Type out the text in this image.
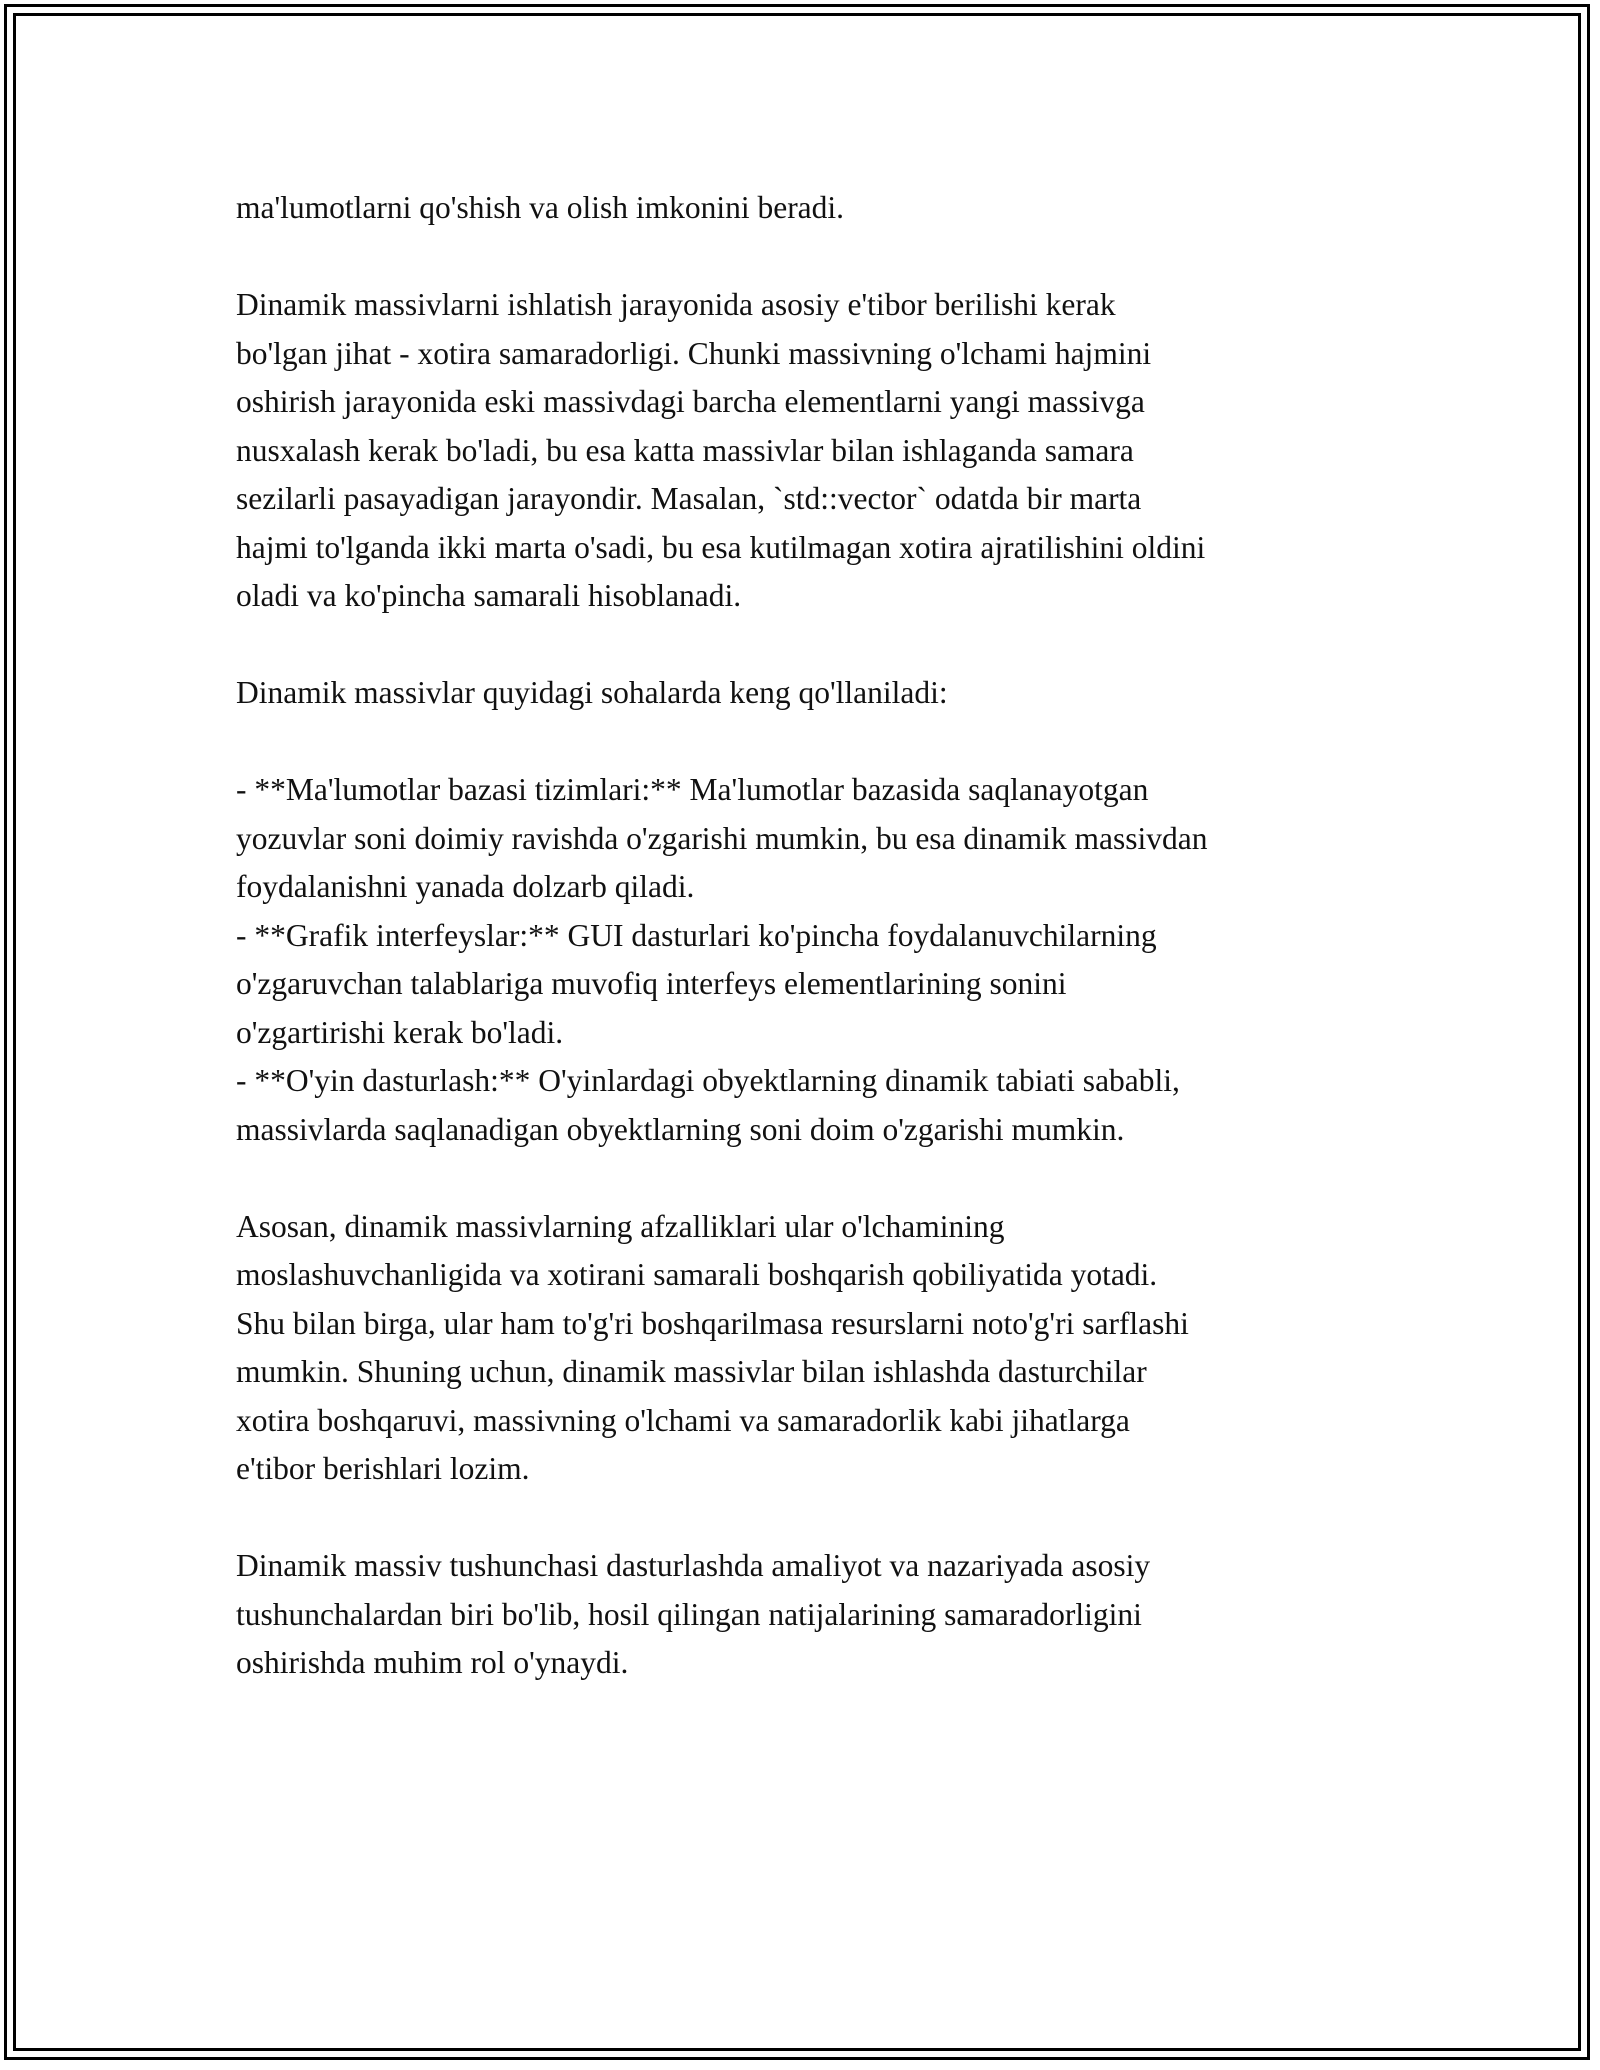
ma'lumotlarni qo'shish va olish imkonini beradi.

Dinamik massivlarni ishlatish jarayonida asosiy e'tibor berilishi kerak
bo'lgan jihat - xotira samaradorligi. Chunki massivning o'lchami hajmini
oshirish jarayonida eski massivdagi barcha elementlarni yangi massivga
nusxalash kerak bo'ladi, bu esa katta massivlar bilan ishlaganda samara
sezilarli pasayadigan jarayondir. Masalan, `std::vector` odatda bir marta
hajmi to'lganda ikki marta o'sadi, bu esa kutilmagan xotira ajratilishini oldini
oladi va ko'pincha samarali hisoblanadi.

Dinamik massivlar quyidagi sohalarda keng qo'llaniladi:

- **Ma'lumotlar bazasi tizimlari:** Ma'lumotlar bazasida saqlanayotgan
yozuvlar soni doimiy ravishda o'zgarishi mumkin, bu esa dinamik massivdan
foydalanishni yanada dolzarb qiladi.
- **Grafik interfeyslar:** GUI dasturlari ko'pincha foydalanuvchilarning
o'zgaruvchan talablariga muvofiq interfeys elementlarining sonini
o'zgartirishi kerak bo'ladi.
- **O'yin dasturlash:** O'yinlardagi obyektlarning dinamik tabiati sababli,
massivlarda saqlanadigan obyektlarning soni doim o'zgarishi mumkin.

Asosan, dinamik massivlarning afzalliklari ular o'lchamining
moslashuvchanligida va xotirani samarali boshqarish qobiliyatida yotadi.
Shu bilan birga, ular ham to'g'ri boshqarilmasa resurslarni noto'g'ri sarflashi
mumkin. Shuning uchun, dinamik massivlar bilan ishlashda dasturchilar
xotira boshqaruvi, massivning o'lchami va samaradorlik kabi jihatlarga
e'tibor berishlari lozim.

Dinamik massiv tushunchasi dasturlashda amaliyot va nazariyada asosiy
tushunchalardan biri bo'lib, hosil qilingan natijalarining samaradorligini
oshirishda muhim rol o'ynaydi.
